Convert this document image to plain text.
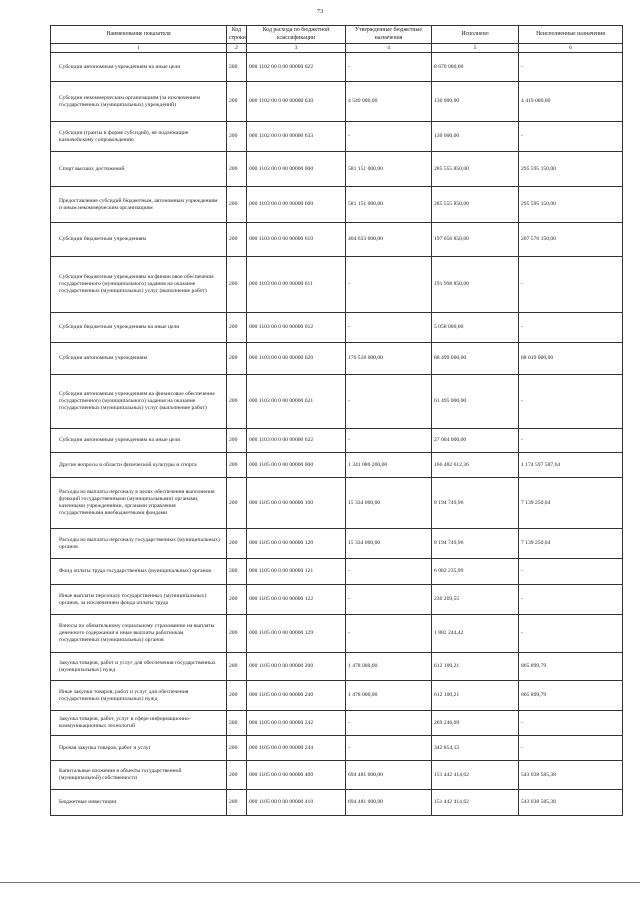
73
Наименование показателя	Код строки	Код расхода по бюджетной классификации	Утвержденные бюджетные назначения	Исполнено	Неисполненные назначения
1	2	3	4	5	6
Субсидии автономным учреждениям на иные цели	200	000 1102 00 0 00 00000 622	-	8 670 000,00	-
Субсидии некоммерческим организациям (за исключением государственных (муниципальных) учреждений)	200	000 1102 00 0 00 00000 630	4 549 000,00	130 000,00	4 419 000,00
Субсидии (гранты в форме субсидий), не подлежащие казначейскому сопровождению	200	000 1102 00 0 00 00000 633	-	130 000,00	-
Спорт высших достижений	200	000 1103 00 0 00 00000 000	581 151 000,00	285 555 850,00	295 595 150,00
Предоставление субсидий бюджетным, автономным учреждениям и иным некоммерческим организациям	200	000 1103 00 0 00 00000 600	581 151 000,00	285 555 850,00	295 595 150,00
Субсидии бюджетным учреждениям	200	000 1103 00 0 00 00000 610	404 633 000,00	197 056 850,00	207 576 150,00
Субсидии бюджетным учреждениям на финансовое обеспечение государственного (муниципального) задания на оказание государственных (муниципальных) услуг (выполнение работ)	200	000 1103 00 0 00 00000 611	-	191 998 850,00	-
Субсидии бюджетным учреждениям на иные цели	200	000 1103 00 0 00 00000 612	-	5 058 000,00	-
Субсидии автономным учреждениям	200	000 1103 00 0 00 00000 620	176 518 000,00	88 499 000,00	88 019 000,00
Субсидии автономным учреждениям на финансовое обеспечение государственного (муниципального) задания на оказание государственных (муниципальных) услуг (выполнение работ)	200	000 1103 00 0 00 00000 621	-	61 495 000,00	-
Субсидии автономным учреждениям на иные цели	200	000 1103 00 0 00 00000 622	-	27 004 000,00	-
Другие вопросы в области физической культуры и спорта	200	000 1105 00 0 00 00000 000	1 341 080 200,00	166 482 612,36	1 174 597 587,64
Расходы на выплаты персоналу в целях обеспечения выполнения функций государственными (муниципальными) органами, казенными учреждениями, органами управления государственными внебюджетными фондами	200	000 1105 00 0 00 00000 100	15 334 000,00	8 194 749,96	7 139 250,04
Расходы на выплаты персоналу государственных (муниципальных) органов	200	000 1105 00 0 00 00000 120	15 334 000,00	8 194 749,96	7 139 250,04
Фонд оплаты труда государственных (муниципальных) органов	200	000 1105 00 0 00 00000 121	-	6 082 235,99	-
Иные выплаты персоналу государственных (муниципальных) органов, за исключением фонда оплаты труда	200	000 1105 00 0 00 00000 122	-	230 269,55	-
Взносы по обязательному социальному страхованию на выплаты денежного содержания и иные выплаты работникам государственных (муниципальных) органов	200	000 1105 00 0 00 00000 129	-	1 882 244,42	-
Закупка товаров, работ и услуг для обеспечения государственных (муниципальных) нужд	200	000 1105 00 0 00 00000 200	1 478 000,00	612 100,21	865 899,79
Иные закупки товаров, работ и услуг для обеспечения государственных (муниципальных) нужд	200	000 1105 00 0 00 00000 240	1 478 000,00	612 100,21	865 899,79
Закупка товаров, работ, услуг в сфере информационно-коммуникационных технологий	200	000 1105 00 0 00 00000 242	-	269 246,09	-
Прочая закупка товаров, работ и услуг	200	000 1105 00 0 00 00000 244	-	342 854,12	-
Капитальные вложения в объекты государственной (муниципальной) собственности	200	000 1105 00 0 00 00000 400	694 481 000,00	151 442 414,62	543 038 585,38
Бюджетные инвестиции	200	000 1105 00 0 00 00000 410	694 481 000,00	151 442 414,62	543 038 585,38
